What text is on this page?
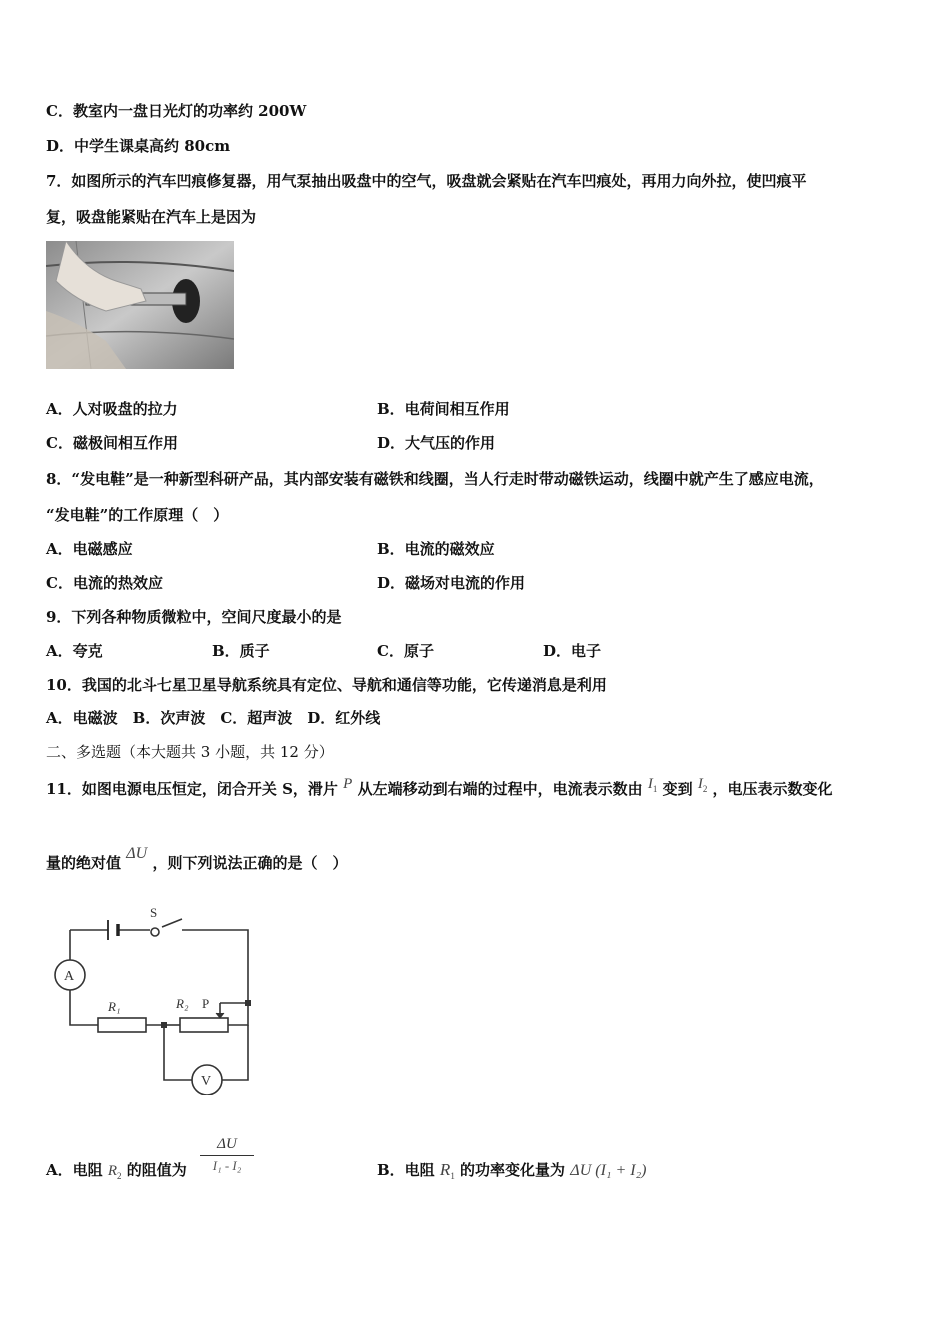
C．教室内一盘日光灯的功率约 200W
D．中学生课桌高约 80cm
7．如图所示的汽车凹痕修复器，用气泵抽出吸盘中的空气，吸盘就会紧贴在汽车凹痕处，再用力向外拉，使凹痕平
复，吸盘能紧贴在汽车上是因为
A．人对吸盘的拉力	B．电荷间相互作用
C．磁极间相互作用	D．大气压的作用
8．“发电鞋”是一种新型科研产品，其内部安装有磁铁和线圈，当人行走时带动磁铁运动，线圈中就产生了感应电流，
“发电鞋”的工作原理（　）
A．电磁感应	B．电流的磁效应
C．电流的热效应	D．磁场对电流的作用
9．下列各种物质微粒中，空间尺度最小的是
A．夸克	B．质子	C．原子	D．电子
10．我国的北斗七星卫星导航系统具有定位、导航和通信等功能，它传递消息是利用
A．电磁波　B．次声波　C．超声波　D．红外线
二、多选题（本大题共 3 小题，共 12 分）
11．如图电源电压恒定，闭合开关 S，滑片 P 从左端移动到右端的过程中，电流表示数由 $I_1$ 变到 $I_2$ ，电压表示数变化
量的绝对值 ΔU ，则下列说法正确的是（　）
S
A
R₁	R₂ P
V
A．电阻 $R_2$ 的阻值为
ΔU
I₁ - I₂	B．电阻 $R_1$ 的功率变化量为 ΔU (I₁ + I₂)
